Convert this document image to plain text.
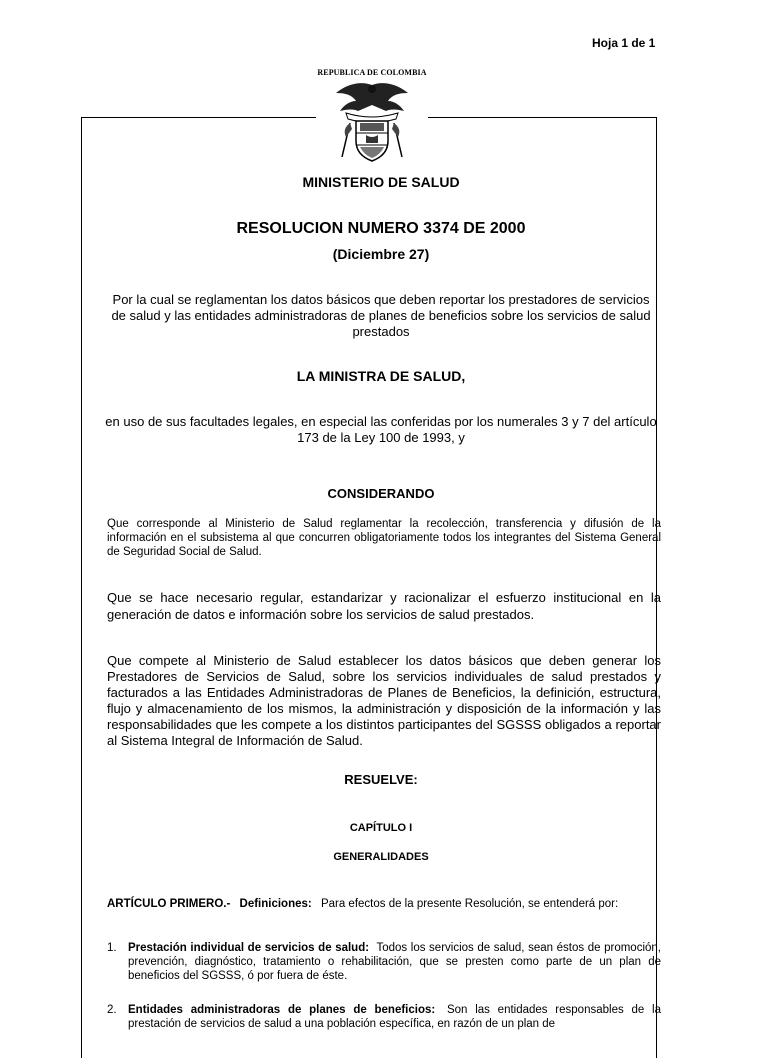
Hoja 1 de 1
REPUBLICA DE COLOMBIA
MINISTERIO DE SALUD
RESOLUCION NUMERO 3374 DE 2000
(Diciembre 27)
Por la cual se reglamentan los datos básicos que deben reportar los prestadores de servicios de salud y las entidades administradoras de planes de beneficios sobre los servicios de salud prestados
LA MINISTRA DE SALUD,
en uso de sus facultades legales, en especial las conferidas por los numerales 3 y 7 del artículo 173 de la Ley 100 de 1993, y
CONSIDERANDO
Que corresponde al Ministerio de Salud reglamentar la recolección, transferencia y difusión de la información en el subsistema al que concurren obligatoriamente todos los integrantes del Sistema General de Seguridad Social de Salud.
Que se hace necesario regular, estandarizar y racionalizar el esfuerzo institucional en la generación de datos e información sobre los servicios de salud prestados.
Que compete al Ministerio de Salud establecer los datos básicos que deben generar los Prestadores de Servicios de Salud, sobre los servicios individuales de salud prestados y facturados a las Entidades Administradoras de Planes de Beneficios, la definición, estructura, flujo y almacenamiento de los mismos, la administración y disposición de la información y las responsabilidades que les compete a los distintos participantes del SGSSS obligados a reportar al Sistema Integral de Información de Salud.
RESUELVE:
CAPÍTULO I
GENERALIDADES
ARTÍCULO PRIMERO.- Definiciones: Para efectos de la presente Resolución, se entenderá por:
1. Prestación individual de servicios de salud: Todos los servicios de salud, sean éstos de promoción, prevención, diagnóstico, tratamiento o rehabilitación, que se presten como parte de un plan de beneficios del SGSSS, ó por fuera de éste.
2. Entidades administradoras de planes de beneficios: Son las entidades responsables de la prestación de servicios de salud a una población específica, en razón de un plan de
